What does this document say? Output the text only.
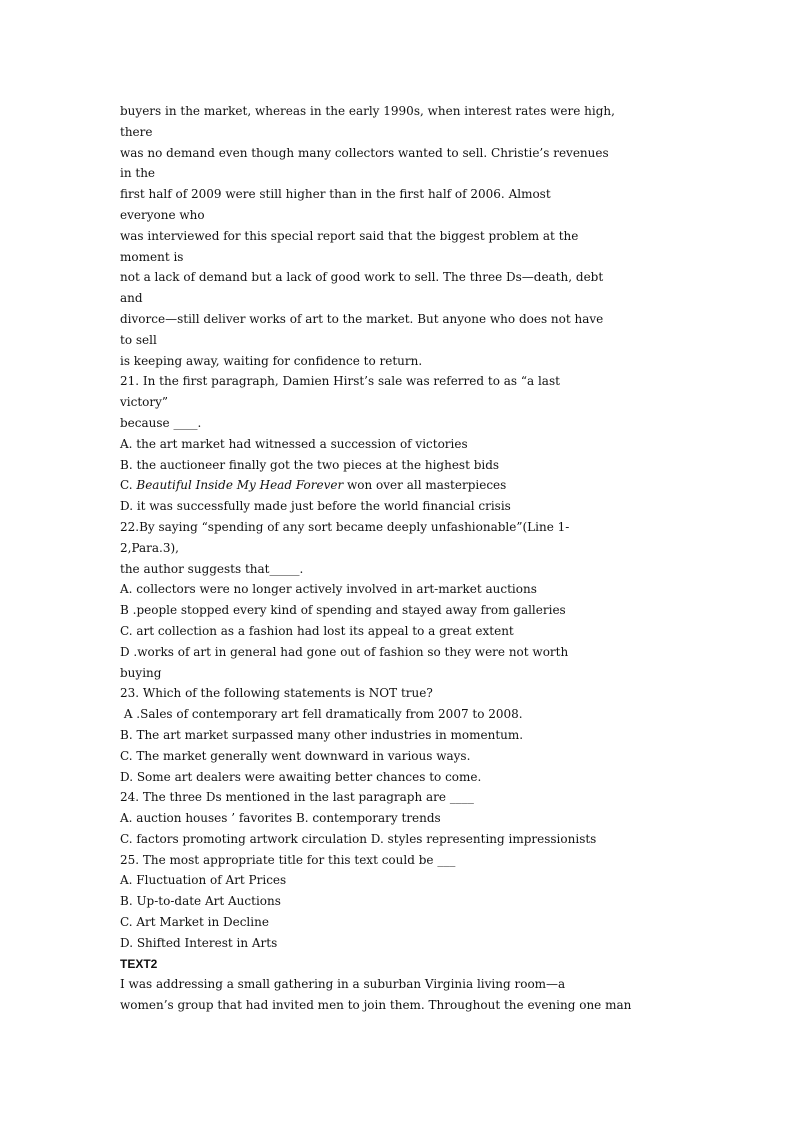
buyers in the market, whereas in the early 1990s, when interest rates were high,
there
was no demand even though many collectors wanted to sell. Christie’s revenues
in the
first half of 2009 were still higher than in the first half of 2006. Almost
everyone who
was interviewed for this special report said that the biggest problem at the
moment is
not a lack of demand but a lack of good work to sell. The three Ds—death, debt
and
divorce—still deliver works of art to the market. But anyone who does not have
to sell
is keeping away, waiting for confidence to return.
21. In the first paragraph, Damien Hirst’s sale was referred to as “a last
victory”
because ____.
A. the art market had witnessed a succession of victories
B. the auctioneer finally got the two pieces at the highest bids
C. Beautiful Inside My Head Forever won over all masterpieces
D. it was successfully made just before the world financial crisis
22.By saying “spending of any sort became deeply unfashionable”(Line 1-
2,Para.3),
the author suggests that_____.
A. collectors were no longer actively involved in art-market auctions
B .people stopped every kind of spending and stayed away from galleries
C. art collection as a fashion had lost its appeal to a great extent
D .works of art in general had gone out of fashion so they were not worth
buying
23. Which of the following statements is NOT true?
A .Sales of contemporary art fell dramatically from 2007 to 2008.
B. The art market surpassed many other industries in momentum.
C. The market generally went downward in various ways.
D. Some art dealers were awaiting better chances to come.
24. The three Ds mentioned in the last paragraph are ____
A. auction houses ’ favorites B. contemporary trends
C. factors promoting artwork circulation D. styles representing impressionists
25. The most appropriate title for this text could be ___
A. Fluctuation of Art Prices
B. Up-to-date Art Auctions
C. Art Market in Decline
D. Shifted Interest in Arts
TEXT2
I was addressing a small gathering in a suburban Virginia living room—a
women’s group that had invited men to join them. Throughout the evening one man
